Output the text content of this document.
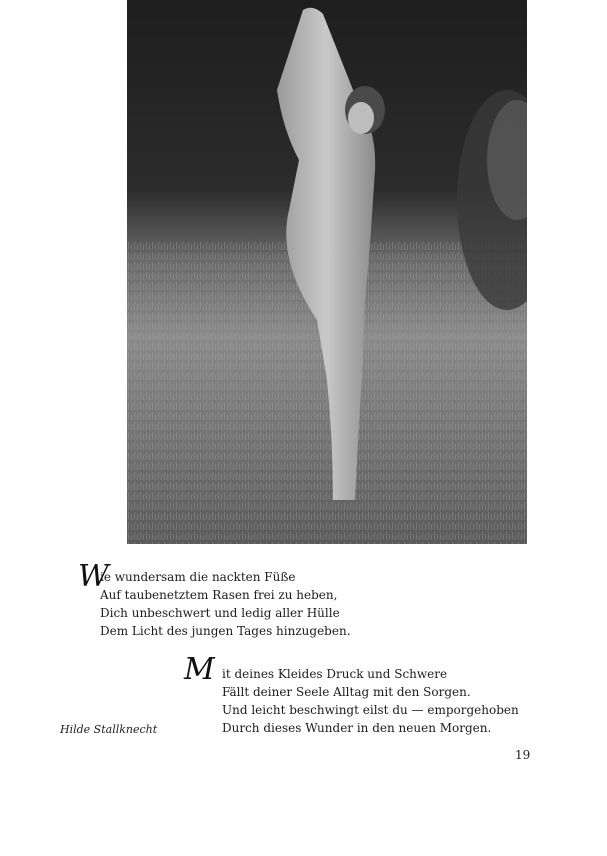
W
ie wundersam die nackten Füße
Auf taubenetztem Rasen frei zu heben,
Dich unbeschwert und ledig aller Hülle
Dem Licht des jungen Tages hinzugeben.
M it deines Kleides Druck und Schwere
Fällt deiner Seele Alltag mit den Sorgen.
Und leicht beschwingt eilst du — emporgehoben
Durch dieses Wunder in den neuen Morgen.
Hilde Stallknecht
19
